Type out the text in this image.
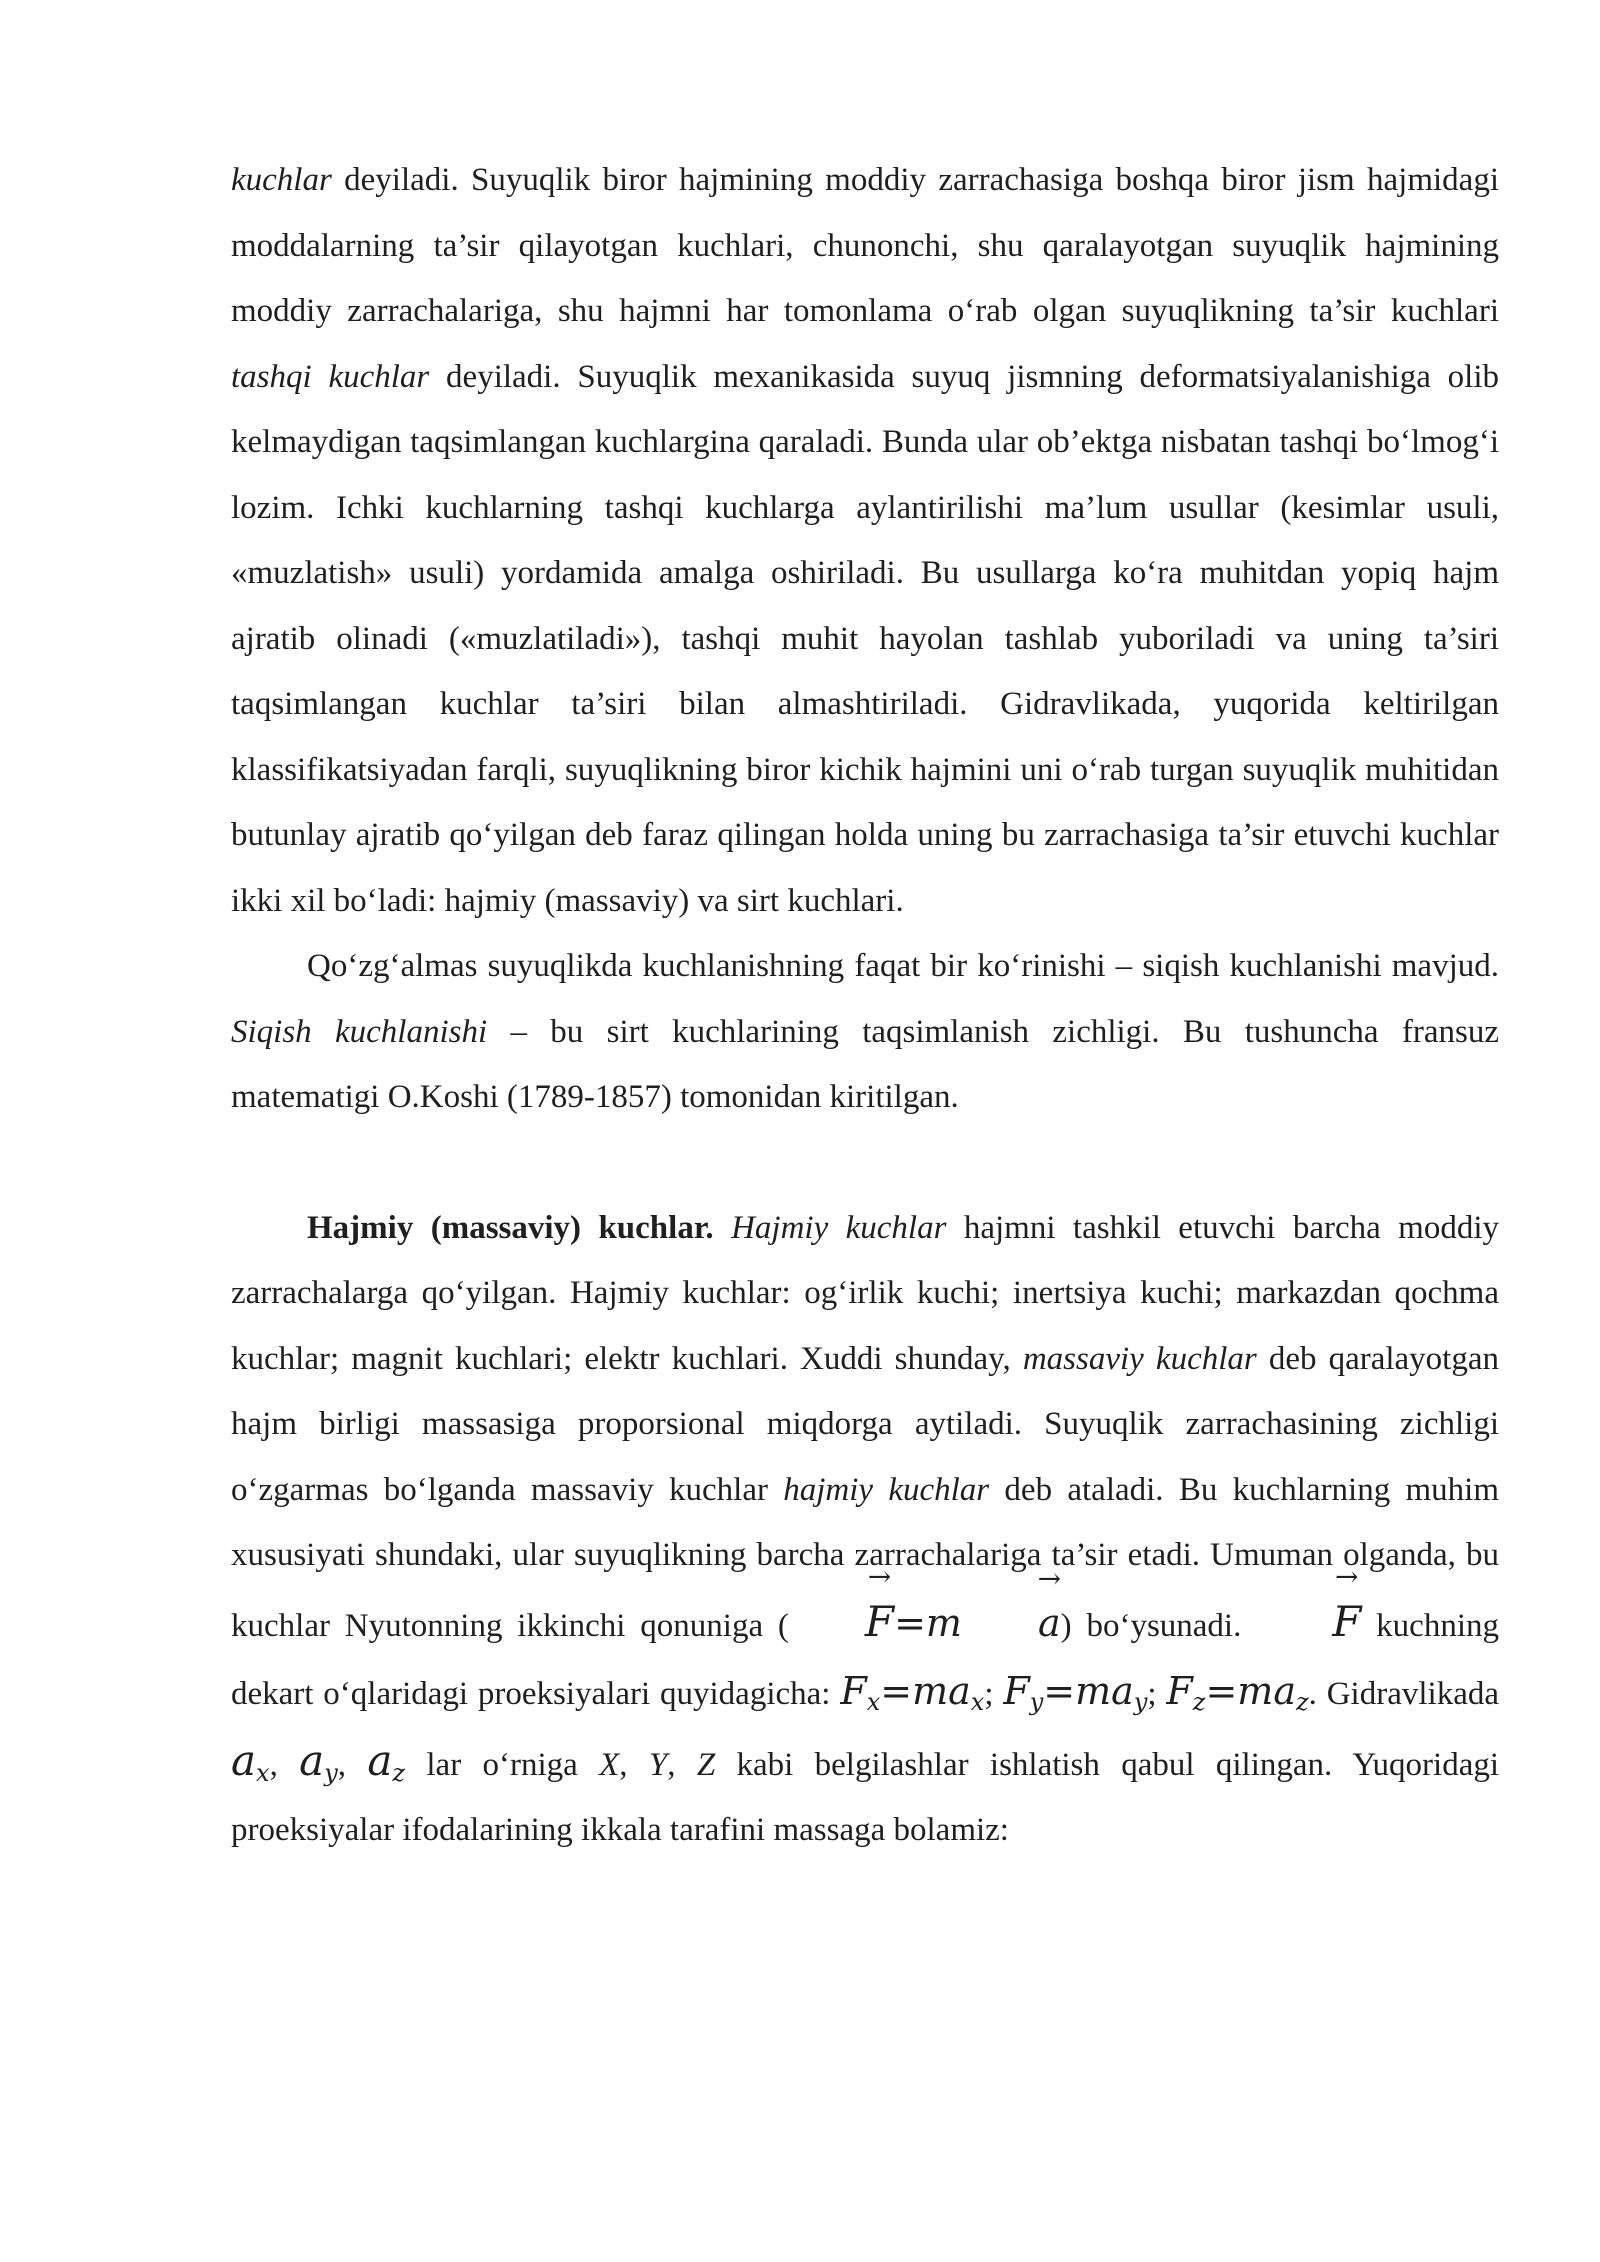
kuchlar deyiladi. Suyuqlik biror hajmining moddiy zarrachasiga boshqa biror jism hajmidagi moddalarning ta’sir qilayotgan kuchlari, chunonchi, shu qaralayotgan suyuqlik hajmining moddiy zarrachalariga, shu hajmni har tomonlama o‘rab olgan suyuqlikning ta’sir kuchlari tashqi kuchlar deyiladi. Suyuqlik mexanikasida suyuq jismning deformatsiyalanishiga olib kelmaydigan taqsimlangan kuchlargina qaraladi. Bunda ular ob’ektga nisbatan tashqi bo‘lmog‘i lozim. Ichki kuchlarning tashqi kuchlarga aylantirilishi ma’lum usullar (kesimlar usuli, «muzlatish» usuli) yordamida amalga oshiriladi. Bu usullarga ko‘ra muhitdan yopiq hajm ajratib olinadi («muzlatiladi»), tashqi muhit hayolan tashlab yuboriladi va uning ta’siri taqsimlangan kuchlar ta’siri bilan almashtiriladi. Gidravlikada, yuqorida keltirilgan klassifikatsiyadan farqli, suyuqlikning biror kichik hajmini uni o‘rab turgan suyuqlik muhitidan butunlay ajratib qo‘yilgan deb faraz qilingan holda uning bu zarrachasiga ta’sir etuvchi kuchlar ikki xil bo‘ladi: hajmiy (massaviy) va sirt kuchlari.

Qo‘zg‘almas suyuqlikda kuchlanishning faqat bir ko‘rinishi – siqish kuchlanishi mavjud. Siqish kuchlanishi – bu sirt kuchlarining taqsimlanish zichligi. Bu tushuncha fransuz matematigi O.Koshi (1789-1857) tomonidan kiritilgan.

Hajmiy (massaviy) kuchlar. Hajmiy kuchlar hajmni tashkil etuvchi barcha moddiy zarrachalarga qo‘yilgan. Hajmiy kuchlar: og‘irlik kuchi; inertsiya kuchi; markazdan qochma kuchlar; magnit kuchlari; elektr kuchlari. Xuddi shunday, massaviy kuchlar deb qaralayotgan hajm birligi massasiga proporsional miqdorga aytiladi. Suyuqlik zarrachasining zichligi o‘zgarmas bo‘lganda massaviy kuchlar hajmiy kuchlar deb ataladi. Bu kuchlarning muhim xususiyati shundaki, ular suyuqlikning barcha zarrachalariga ta’sir etadi. Umuman olganda, bu kuchlar Nyutonning ikkinchi qonuniga ( → F=m → a) bo‘ysunadi. → F kuchning dekart o‘qlaridagi proeksiyalari quyidagicha: $F_x=ma_x$; $F_y=ma_y$; $F_z=ma_z$. Gidravlikada $a_x$, $a_y$, $a_z$ lar o‘rniga X, Y, Z kabi belgilashlar ishlatish qabul qilingan. Yuqoridagi proeksiyalar ifodalarining ikkala tarafini massaga bolamiz:
